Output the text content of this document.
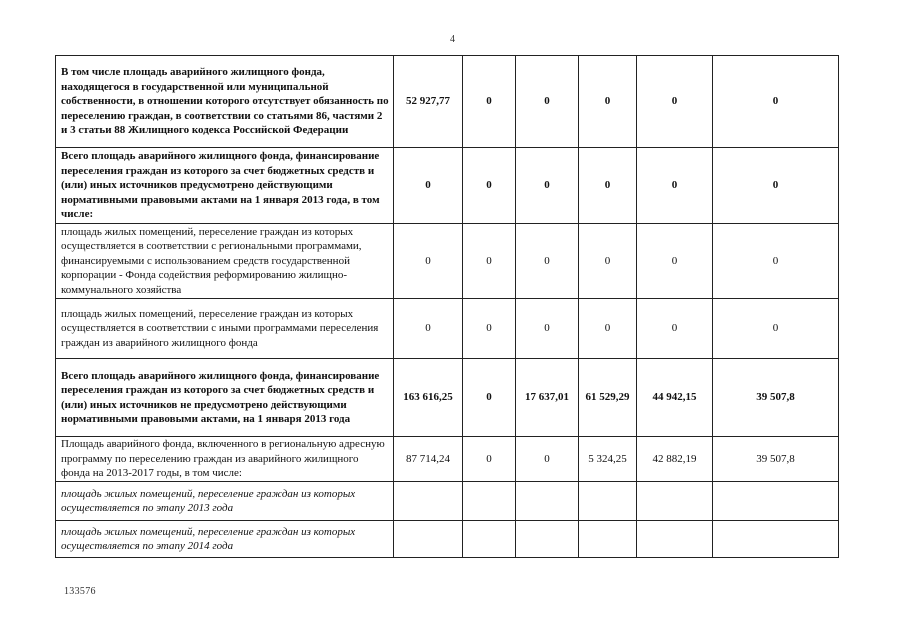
4
В том числе площадь аварийного жилищного фонда, находящегося в государственной или муниципальной собственности, в отношении которого отсутствует обязанность по переселению граждан, в соответствии со статьями 86, частями 2 и 3 статьи 88 Жилищного кодекса Российской Федерации	52 927,77	0	0	0	0	0
Всего площадь аварийного жилищного фонда, финансирование переселения граждан из которого за счет бюджетных средств и (или) иных источников предусмотрено действующими нормативными правовыми актами на 1 января 2013 года, в том числе:	0	0	0	0	0	0
площадь жилых помещений, переселение граждан из которых осуществляется в соответствии с региональными программами, финансируемыми с использованием средств государственной корпорации - Фонда содействия реформированию жилищно-коммунального хозяйства	0	0	0	0	0	0
площадь жилых помещений, переселение граждан из которых осуществляется в соответствии с иными программами переселения граждан из аварийного жилищного фонда	0	0	0	0	0	0
Всего площадь аварийного жилищного фонда, финансирование переселения граждан из которого за счет бюджетных средств и (или) иных источников не предусмотрено действующими нормативными правовыми актами, на 1 января 2013 года	163 616,25	0	17 637,01	61 529,29	44 942,15	39 507,8
Площадь аварийного фонда, включенного в региональную адресную программу по переселению граждан из аварийного жилищного фонда на 2013-2017 годы, в том числе:	87 714,24	0	0	5 324,25	42 882,19	39 507,8
площадь жилых помещений, переселение граждан из которых осуществляется по этапу 2013 года						
площадь жилых помещений, переселение граждан из которых осуществляется по этапу 2014 года						
133576
